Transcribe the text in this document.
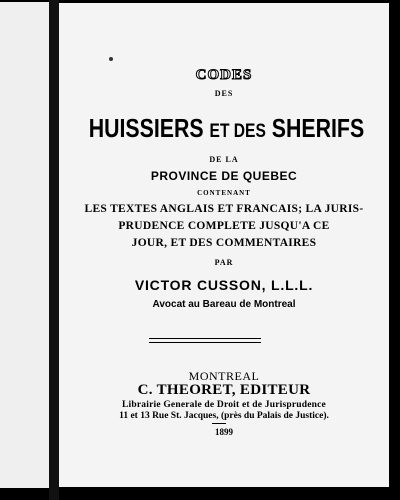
CODES
DES
HUISSIERS ET DES SHERIFS
DE LA
PROVINCE DE QUEBEC
CONTENANT
LES TEXTES ANGLAIS ET FRANCAIS; LA JURIS-
PRUDENCE COMPLETE JUSQU'A CE
JOUR, ET DES COMMENTAIRES
PAR
VICTOR CUSSON, L.L.L.
Avocat au Bareau de Montreal
MONTREAL
C. THEORET, EDITEUR
Librairie Generale de Droit et de Jurisprudence
11 et 13 Rue St. Jacques, (près du Palais de Justice).
1899
